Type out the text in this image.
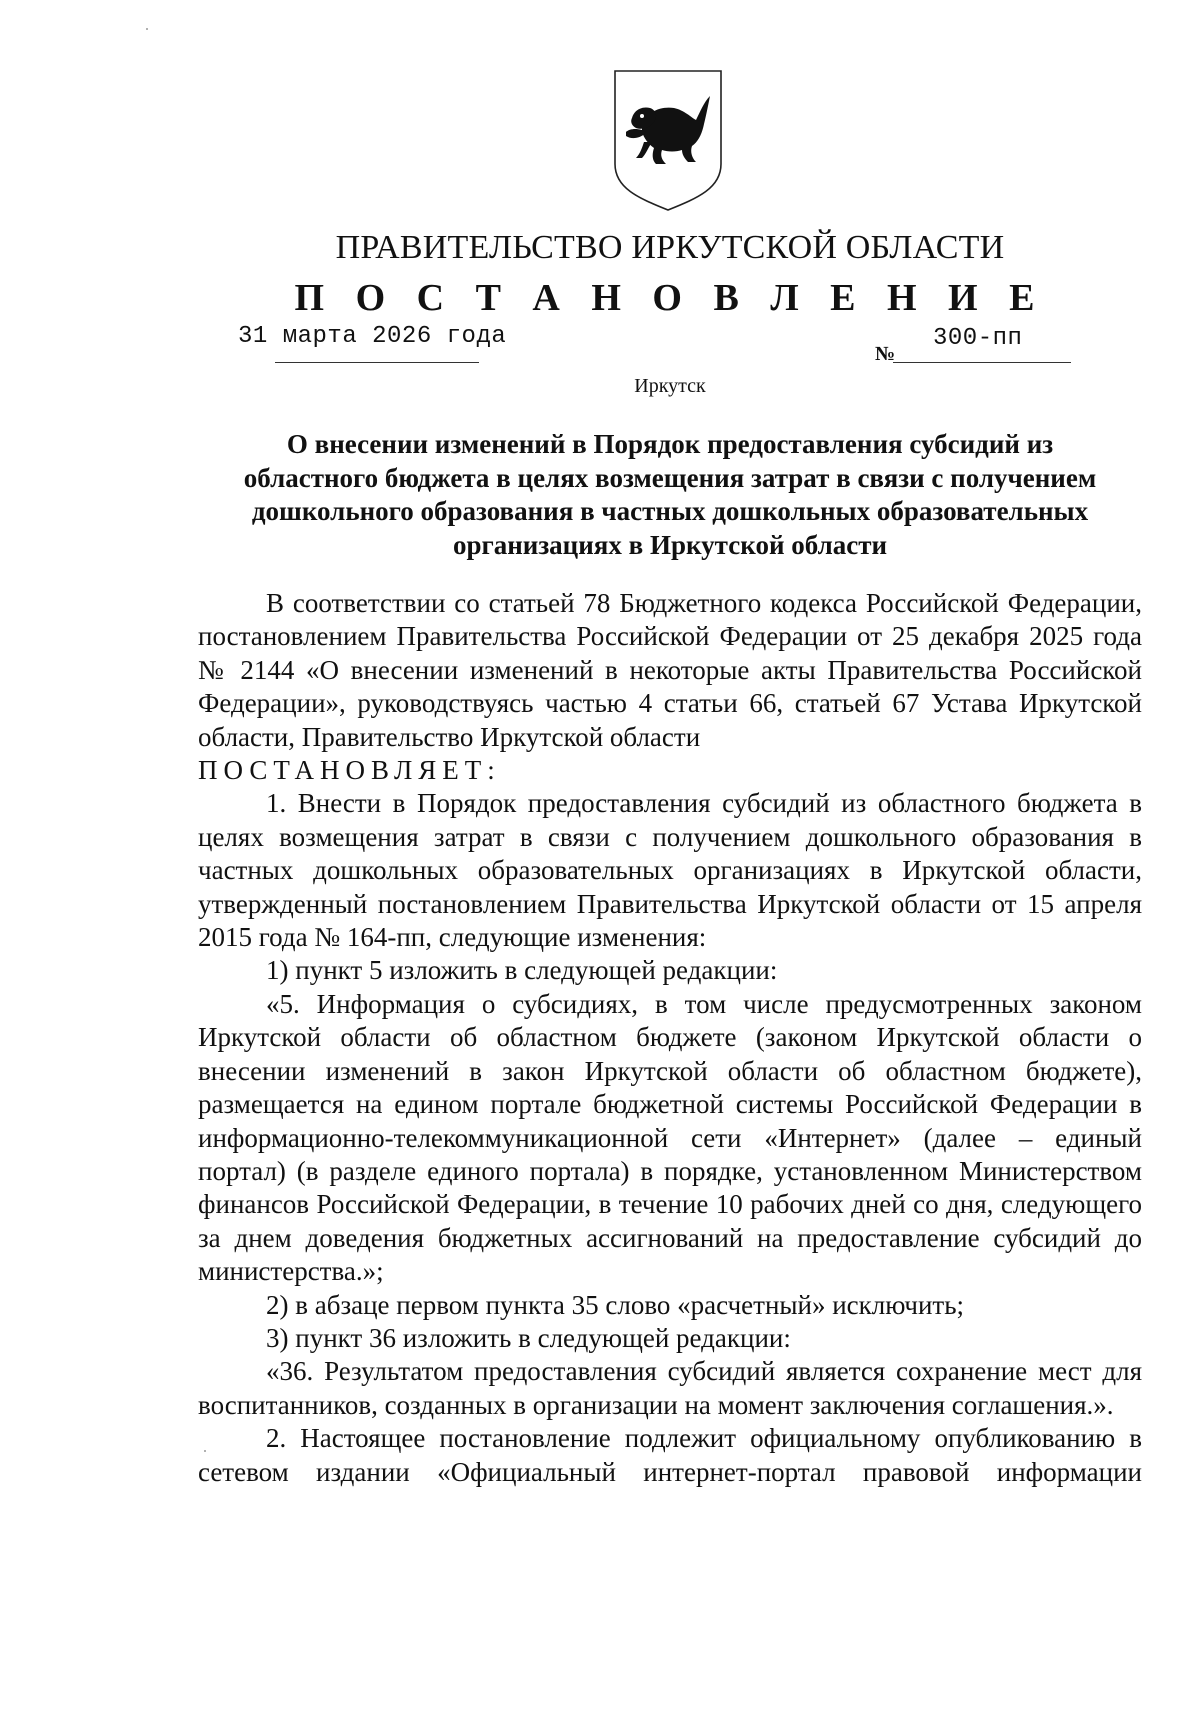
ПРАВИТЕЛЬСТВО ИРКУТСКОЙ ОБЛАСТИ
П О С Т А Н О В Л Е Н И Е
31 марта 2026 года
№
300-пп
Иркутск
О внесении изменений в Порядок предоставления субсидий из областного бюджета в целях возмещения затрат в связи с получением дошкольного образования в частных дошкольных образовательных организациях в Иркутской области

В соответствии со статьей 78 Бюджетного кодекса Российской Федерации, постановлением Правительства Российской Федерации от 25 декабря 2025 года № 2144 «О внесении изменений в некоторые акты Правительства Российской Федерации», руководствуясь частью 4 статьи 66, статьей 67 Устава Иркутской области, Правительство Иркутской области

ПОСТАНОВЛЯЕТ:

1. Внести в Порядок предоставления субсидий из областного бюджета в целях возмещения затрат в связи с получением дошкольного образования в частных дошкольных образовательных организациях в Иркутской области, утвержденный постановлением Правительства Иркутской области от 15 апреля 2015 года № 164-пп, следующие изменения:

1) пункт 5 изложить в следующей редакции:

«5. Информация о субсидиях, в том числе предусмотренных законом Иркутской области об областном бюджете (законом Иркутской области о внесении изменений в закон Иркутской области об областном бюджете), размещается на едином портале бюджетной системы Российской Федерации в информационно-телекоммуникационной сети «Интернет» (далее – единый портал) (в разделе единого портала) в порядке, установленном Министерством финансов Российской Федерации, в течение 10 рабочих дней со дня, следующего за днем доведения бюджетных ассигнований на предоставление субсидий до министерства.»;

2) в абзаце первом пункта 35 слово «расчетный» исключить;

3) пункт 36 изложить в следующей редакции:

«36. Результатом предоставления субсидий является сохранение мест для воспитанников, созданных в организации на момент заключения соглашения.».

2. Настоящее постановление подлежит официальному опубликованию в сетевом издании «Официальный интернет-портал правовой информации
